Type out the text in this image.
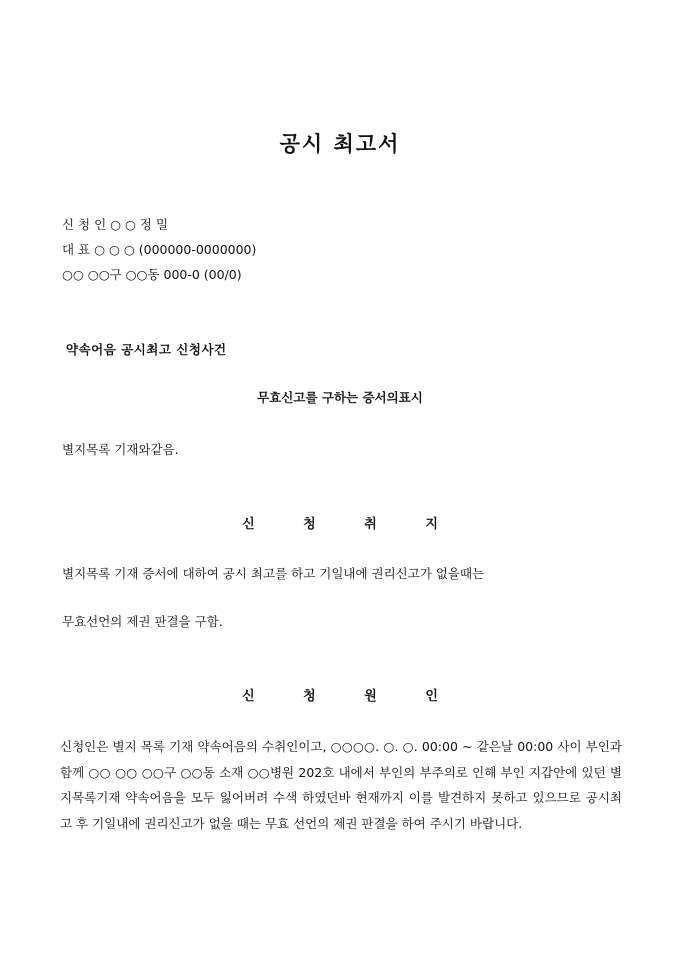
공시 최고서
신 청 인 ○ ○ 정 밀
대 표 ○ ○ ○ (000000-0000000)
○○ ○○구 ○○동 000-0 (00/0)
약속어음 공시최고 신청사건
무효신고를 구하는 증서의표시
별지목록 기재와같음.
신 청 취 지
별지목록 기재 증서에 대하여 공시 최고를 하고 기일내에 권리신고가 없을때는
무효선언의 제권 판결을 구함.
신 청 원 인
신청인은 별지 목록 기재 약속어음의 수취인이고, ○○○○. ○. ○. 00:00 ~ 같은날 00:00 사이 부인과 함께 ○○ ○○ ○○구 ○○동 소재 ○○병원 202호 내에서 부인의 부주의로 인해 부인 지갑안에 있던 별지목록기재 약속어음을 모두 잃어버려 수색 하였던바 현재까지 이를 발견하지 못하고 있으므로 공시최고 후 기일내에 권리신고가 없을 때는 무효 선언의 제권 판결을 하여 주시기 바랍니다.
